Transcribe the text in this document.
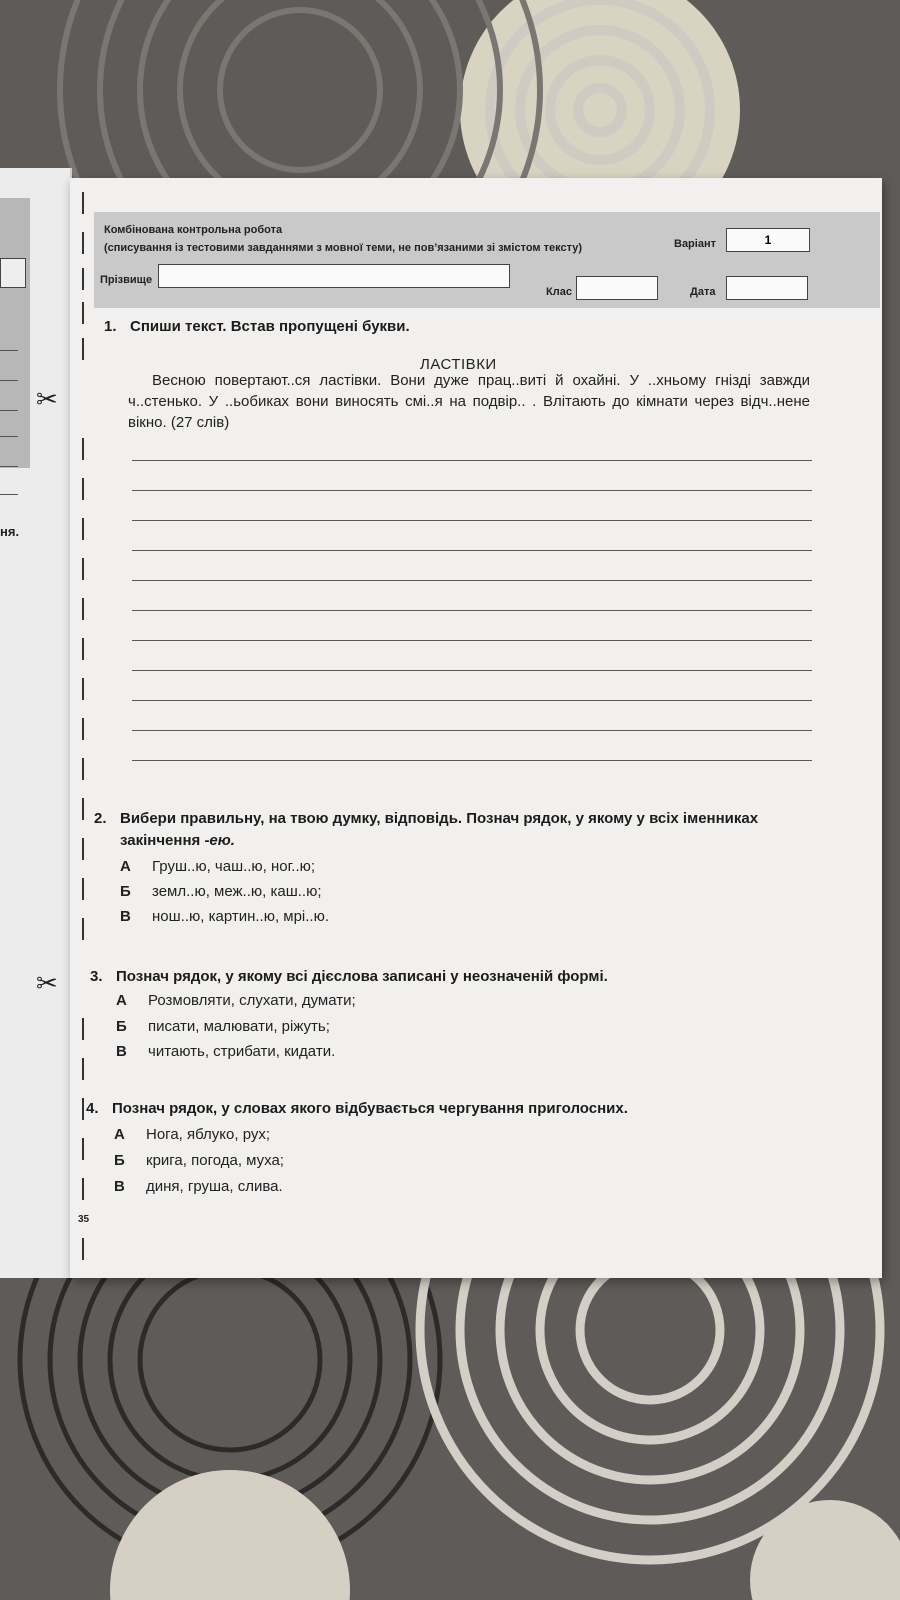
ня.
✂
✂
Комбінована контрольна робота
(списування із тестовими завданнями з мовної теми, не пов’язаними зі змістом тексту)	Варіант	1
Прізвище
Клас	Дата
1. Спиши текст. Встав пропущені букви.
ЛАСТІВКИ
Весною повертают..ся ластівки. Вони дуже прац..виті й охайні. У ..хньому гнізді завжди ч..стенько. У ..ьобиках вони виносять смі..я на подвір.. . Влітають до кімнати через відч..нене вікно. (27 слів)
2. Вибери правильну, на твою думку, відповідь. Познач рядок, у якому у всіх іменниках
закінчення -ею.
А Груш..ю, чаш..ю, ног..ю;
Б земл..ю, меж..ю, каш..ю;
В нош..ю, картин..ю, мрі..ю.
3. Познач рядок, у якому всі дієслова записані у неозначеній формі.
А Розмовляти, слухати, думати;
Б писати, малювати, ріжуть;
В читають, стрибати, кидати.
4. Познач рядок, у словах якого відбувається чергування приголосних.
А Нога, яблуко, рух;
Б крига, погода, муха;
В диня, груша, слива.
35
